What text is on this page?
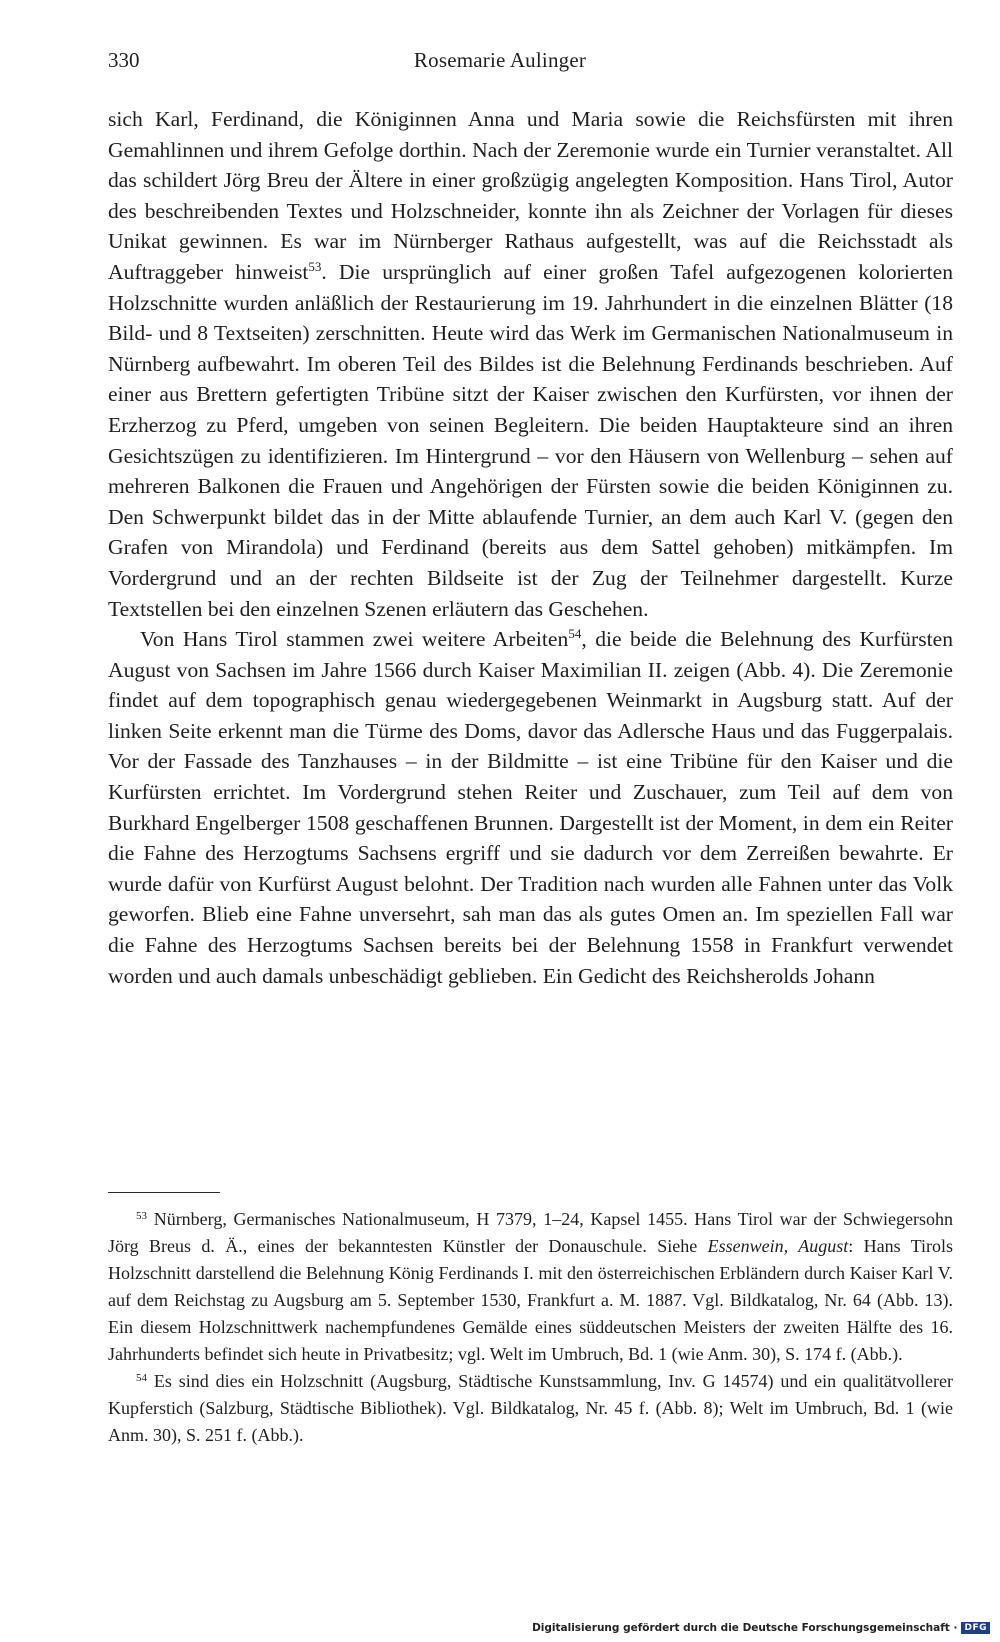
330	Rosemarie Aulinger

sich Karl, Ferdinand, die Königinnen Anna und Maria sowie die Reichsfürsten mit ihren Gemahlinnen und ihrem Gefolge dorthin. Nach der Zeremonie wurde ein Turnier veranstaltet. All das schildert Jörg Breu der Ältere in einer großzügig angelegten Komposition. Hans Tirol, Autor des beschreibenden Textes und Holzschneider, konnte ihn als Zeichner der Vorlagen für dieses Unikat gewinnen. Es war im Nürnberger Rathaus aufgestellt, was auf die Reichsstadt als Auftraggeber hinweist$^{53}$. Die ursprünglich auf einer großen Tafel aufgezogenen kolorierten Holzschnitte wurden anläßlich der Restaurierung im 19. Jahrhundert in die einzelnen Blätter (18 Bild- und 8 Textseiten) zerschnitten. Heute wird das Werk im Germanischen Nationalmuseum in Nürnberg aufbewahrt. Im oberen Teil des Bildes ist die Belehnung Ferdinands beschrieben. Auf einer aus Brettern gefertigten Tribüne sitzt der Kaiser zwischen den Kurfürsten, vor ihnen der Erzherzog zu Pferd, umgeben von seinen Begleitern. Die beiden Hauptakteure sind an ihren Gesichtszügen zu identifizieren. Im Hintergrund – vor den Häusern von Wellenburg – sehen auf mehreren Balkonen die Frauen und Angehörigen der Fürsten sowie die beiden Königinnen zu. Den Schwerpunkt bildet das in der Mitte ablaufende Turnier, an dem auch Karl V. (gegen den Grafen von Mirandola) und Ferdinand (bereits aus dem Sattel gehoben) mitkämpfen. Im Vordergrund und an der rechten Bildseite ist der Zug der Teilnehmer dargestellt. Kurze Textstellen bei den einzelnen Szenen erläutern das Geschehen.

Von Hans Tirol stammen zwei weitere Arbeiten$^{54}$, die beide die Belehnung des Kurfürsten August von Sachsen im Jahre 1566 durch Kaiser Maximilian II. zeigen (Abb. 4). Die Zeremonie findet auf dem topographisch genau wiedergegebenen Weinmarkt in Augsburg statt. Auf der linken Seite erkennt man die Türme des Doms, davor das Adlersche Haus und das Fuggerpalais. Vor der Fassade des Tanzhauses – in der Bildmitte – ist eine Tribüne für den Kaiser und die Kurfürsten errichtet. Im Vordergrund stehen Reiter und Zuschauer, zum Teil auf dem von Burkhard Engelberger 1508 geschaffenen Brunnen. Dargestellt ist der Moment, in dem ein Reiter die Fahne des Herzogtums Sachsens ergriff und sie dadurch vor dem Zerreißen bewahrte. Er wurde dafür von Kurfürst August belohnt. Der Tradition nach wurden alle Fahnen unter das Volk geworfen. Blieb eine Fahne unversehrt, sah man das als gutes Omen an. Im speziellen Fall war die Fahne des Herzogtums Sachsen bereits bei der Belehnung 1558 in Frankfurt verwendet worden und auch damals unbeschädigt geblieben. Ein Gedicht des Reichsherolds Johann

$^{53}$ Nürnberg, Germanisches Nationalmuseum, H 7379, 1–24, Kapsel 1455. Hans Tirol war der Schwiegersohn Jörg Breus d. Ä., eines der bekanntesten Künstler der Donauschule. Siehe Essenwein, August: Hans Tirols Holzschnitt darstellend die Belehnung König Ferdinands I. mit den österreichischen Erbländern durch Kaiser Karl V. auf dem Reichstag zu Augsburg am 5. September 1530, Frankfurt a. M. 1887. Vgl. Bildkatalog, Nr. 64 (Abb. 13). Ein diesem Holzschnittwerk nachempfundenes Gemälde eines süddeutschen Meisters der zweiten Hälfte des 16. Jahrhunderts befindet sich heute in Privatbesitz; vgl. Welt im Umbruch, Bd. 1 (wie Anm. 30), S. 174 f. (Abb.).

$^{54}$ Es sind dies ein Holzschnitt (Augsburg, Städtische Kunstsammlung, Inv. G 14574) und ein qualitätvollerer Kupferstich (Salzburg, Städtische Bibliothek). Vgl. Bildkatalog, Nr. 45 f. (Abb. 8); Welt im Umbruch, Bd. 1 (wie Anm. 30), S. 251 f. (Abb.).

Digitalisierung gefördert durch die Deutsche Forschungsgemeinschaft · DFG
